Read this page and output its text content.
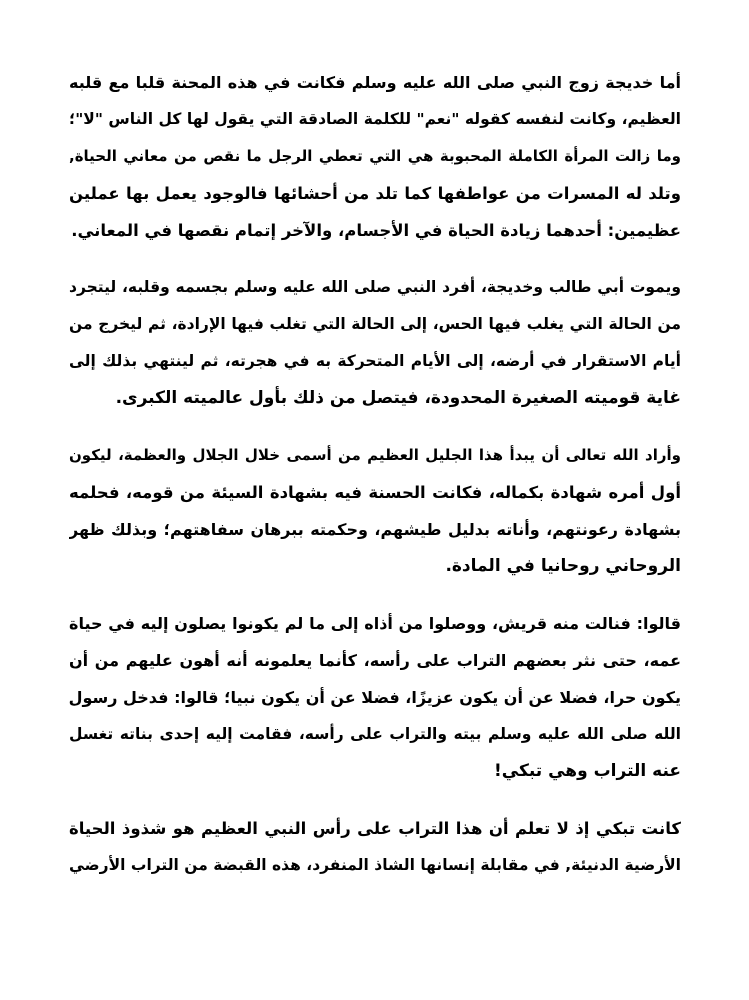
أما خديجة زوج النبي صلى الله عليه وسلم فكانت في هذه المحنة قلبا مع قلبه
العظيم، وكانت لنفسه كقوله "نعم" للكلمة الصادقة التي يقول لها كل الناس "لا"؛
وما زالت المرأة الكاملة المحبوبة هي التي تعطي الرجل ما نقص من معاني الحياة,
وتلد له المسرات من عواطفها كما تلد من أحشائها فالوجود يعمل بها عملين
عظيمين: أحدهما زيادة الحياة في الأجسام، والآخر إتمام نقصها في المعاني.
ويموت أبي طالب وخديجة، أفرد النبي صلى الله عليه وسلم بجسمه وقلبه، ليتجرد
من الحالة التي يغلب فيها الحس، إلى الحالة التي تغلب فيها الإرادة، ثم ليخرج من
أيام الاستقرار في أرضه، إلى الأيام المتحركة به في هجرته، ثم لينتهي بذلك إلى
غاية قوميته الصغيرة المحدودة، فيتصل من ذلك بأول عالميته الكبرى.
وأراد الله تعالى أن يبدأ هذا الجليل العظيم من أسمى خلال الجلال والعظمة، ليكون
أول أمره شهادة بكماله، فكانت الحسنة فيه بشهادة السيئة من قومه، فحلمه
بشهادة رعونتهم، وأناته بدليل طيشهم، وحكمته ببرهان سفاهتهم؛ وبذلك ظهر
الروحاني روحانيا في المادة.
قالوا: فنالت منه قريش، ووصلوا من أذاه إلى ما لم يكونوا يصلون إليه في حياة
عمه، حتى نثر بعضهم التراب على رأسه، كأنما يعلمونه أنه أهون عليهم من أن
يكون حرا، فضلا عن أن يكون عزيزًا، فضلا عن أن يكون نبيا؛ قالوا: فدخل رسول
الله صلى الله عليه وسلم بيته والتراب على رأسه، فقامت إليه إحدى بناته تغسل
عنه التراب وهي تبكي!
كانت تبكي إذ لا تعلم أن هذا التراب على رأس النبي العظيم هو شذوذ الحياة
الأرضية الدنيئة, في مقابلة إنسانها الشاذ المنفرد، هذه القبضة من التراب الأرضي
